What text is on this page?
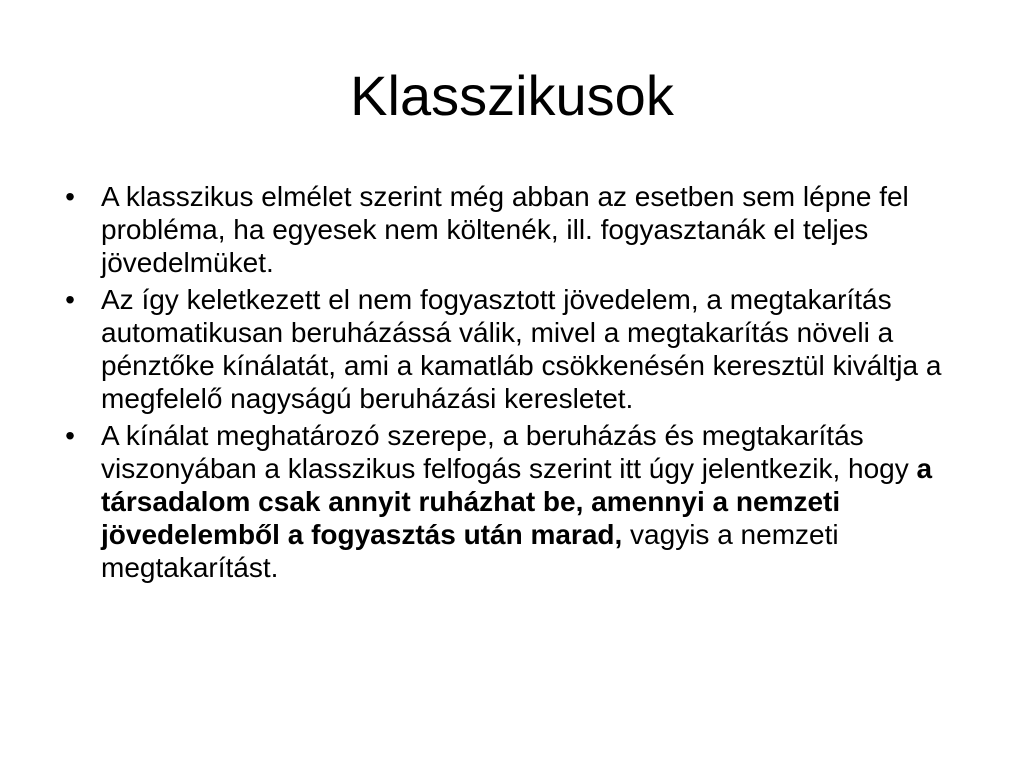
Klasszikusok
• A klasszikus elmélet szerint még abban az esetben sem lépne fel probléma, ha egyesek nem költenék, ill. fogyasztanák el teljes jövedelmüket.
• Az így keletkezett el nem fogyasztott jövedelem, a megtakarítás automatikusan beruházássá válik, mivel a megtakarítás növeli a pénztőke kínálatát, ami a kamatláb csökkenésén keresztül kiváltja a megfelelő nagyságú beruházási keresletet.
• A kínálat meghatározó szerepe, a beruházás és megtakarítás viszonyában a klasszikus felfogás szerint itt úgy jelentkezik, hogy a társadalom csak annyit ruházhat be, amennyi a nemzeti jövedelemből a fogyasztás után marad, vagyis a nemzeti megtakarítást.
